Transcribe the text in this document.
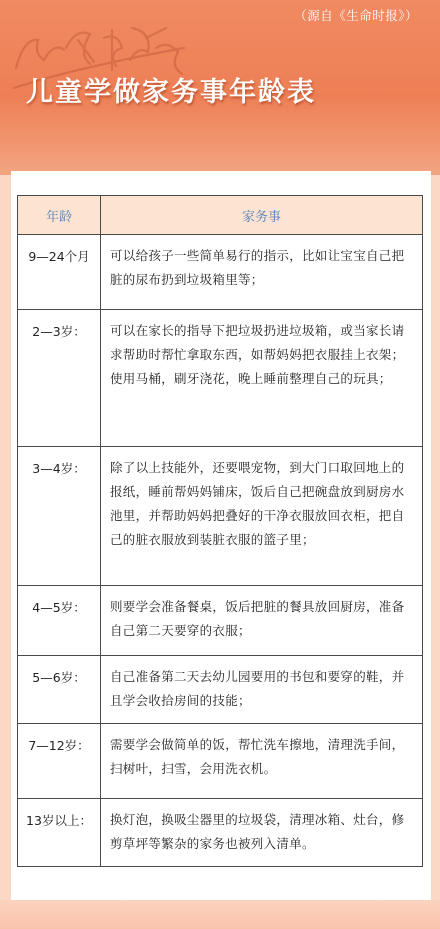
（源自《生命时报》）
儿童学做家务事年龄表
年龄	家务事
9—24个月	可以给孩子一些简单易行的指示，比如让宝宝自己把脏的尿布扔到垃圾箱里等；
2—3岁：	可以在家长的指导下把垃圾扔进垃圾箱，或当家长请求帮助时帮忙拿取东西，如帮妈妈把衣服挂上衣架；使用马桶，刷牙浇花，晚上睡前整理自己的玩具；
3—4岁：	除了以上技能外，还要喂宠物，到大门口取回地上的报纸，睡前帮妈妈铺床，饭后自己把碗盘放到厨房水池里，并帮助妈妈把叠好的干净衣服放回衣柜，把自己的脏衣服放到装脏衣服的篮子里；
4—5岁：	则要学会准备餐桌，饭后把脏的餐具放回厨房，准备自己第二天要穿的衣服；
5—6岁：	自己准备第二天去幼儿园要用的书包和要穿的鞋，并且学会收拾房间的技能；
7—12岁：	需要学会做简单的饭，帮忙洗车擦地，清理洗手间，扫树叶，扫雪，会用洗衣机。
13岁以上：	换灯泡，换吸尘器里的垃圾袋，清理冰箱、灶台，修剪草坪等繁杂的家务也被列入清单。
